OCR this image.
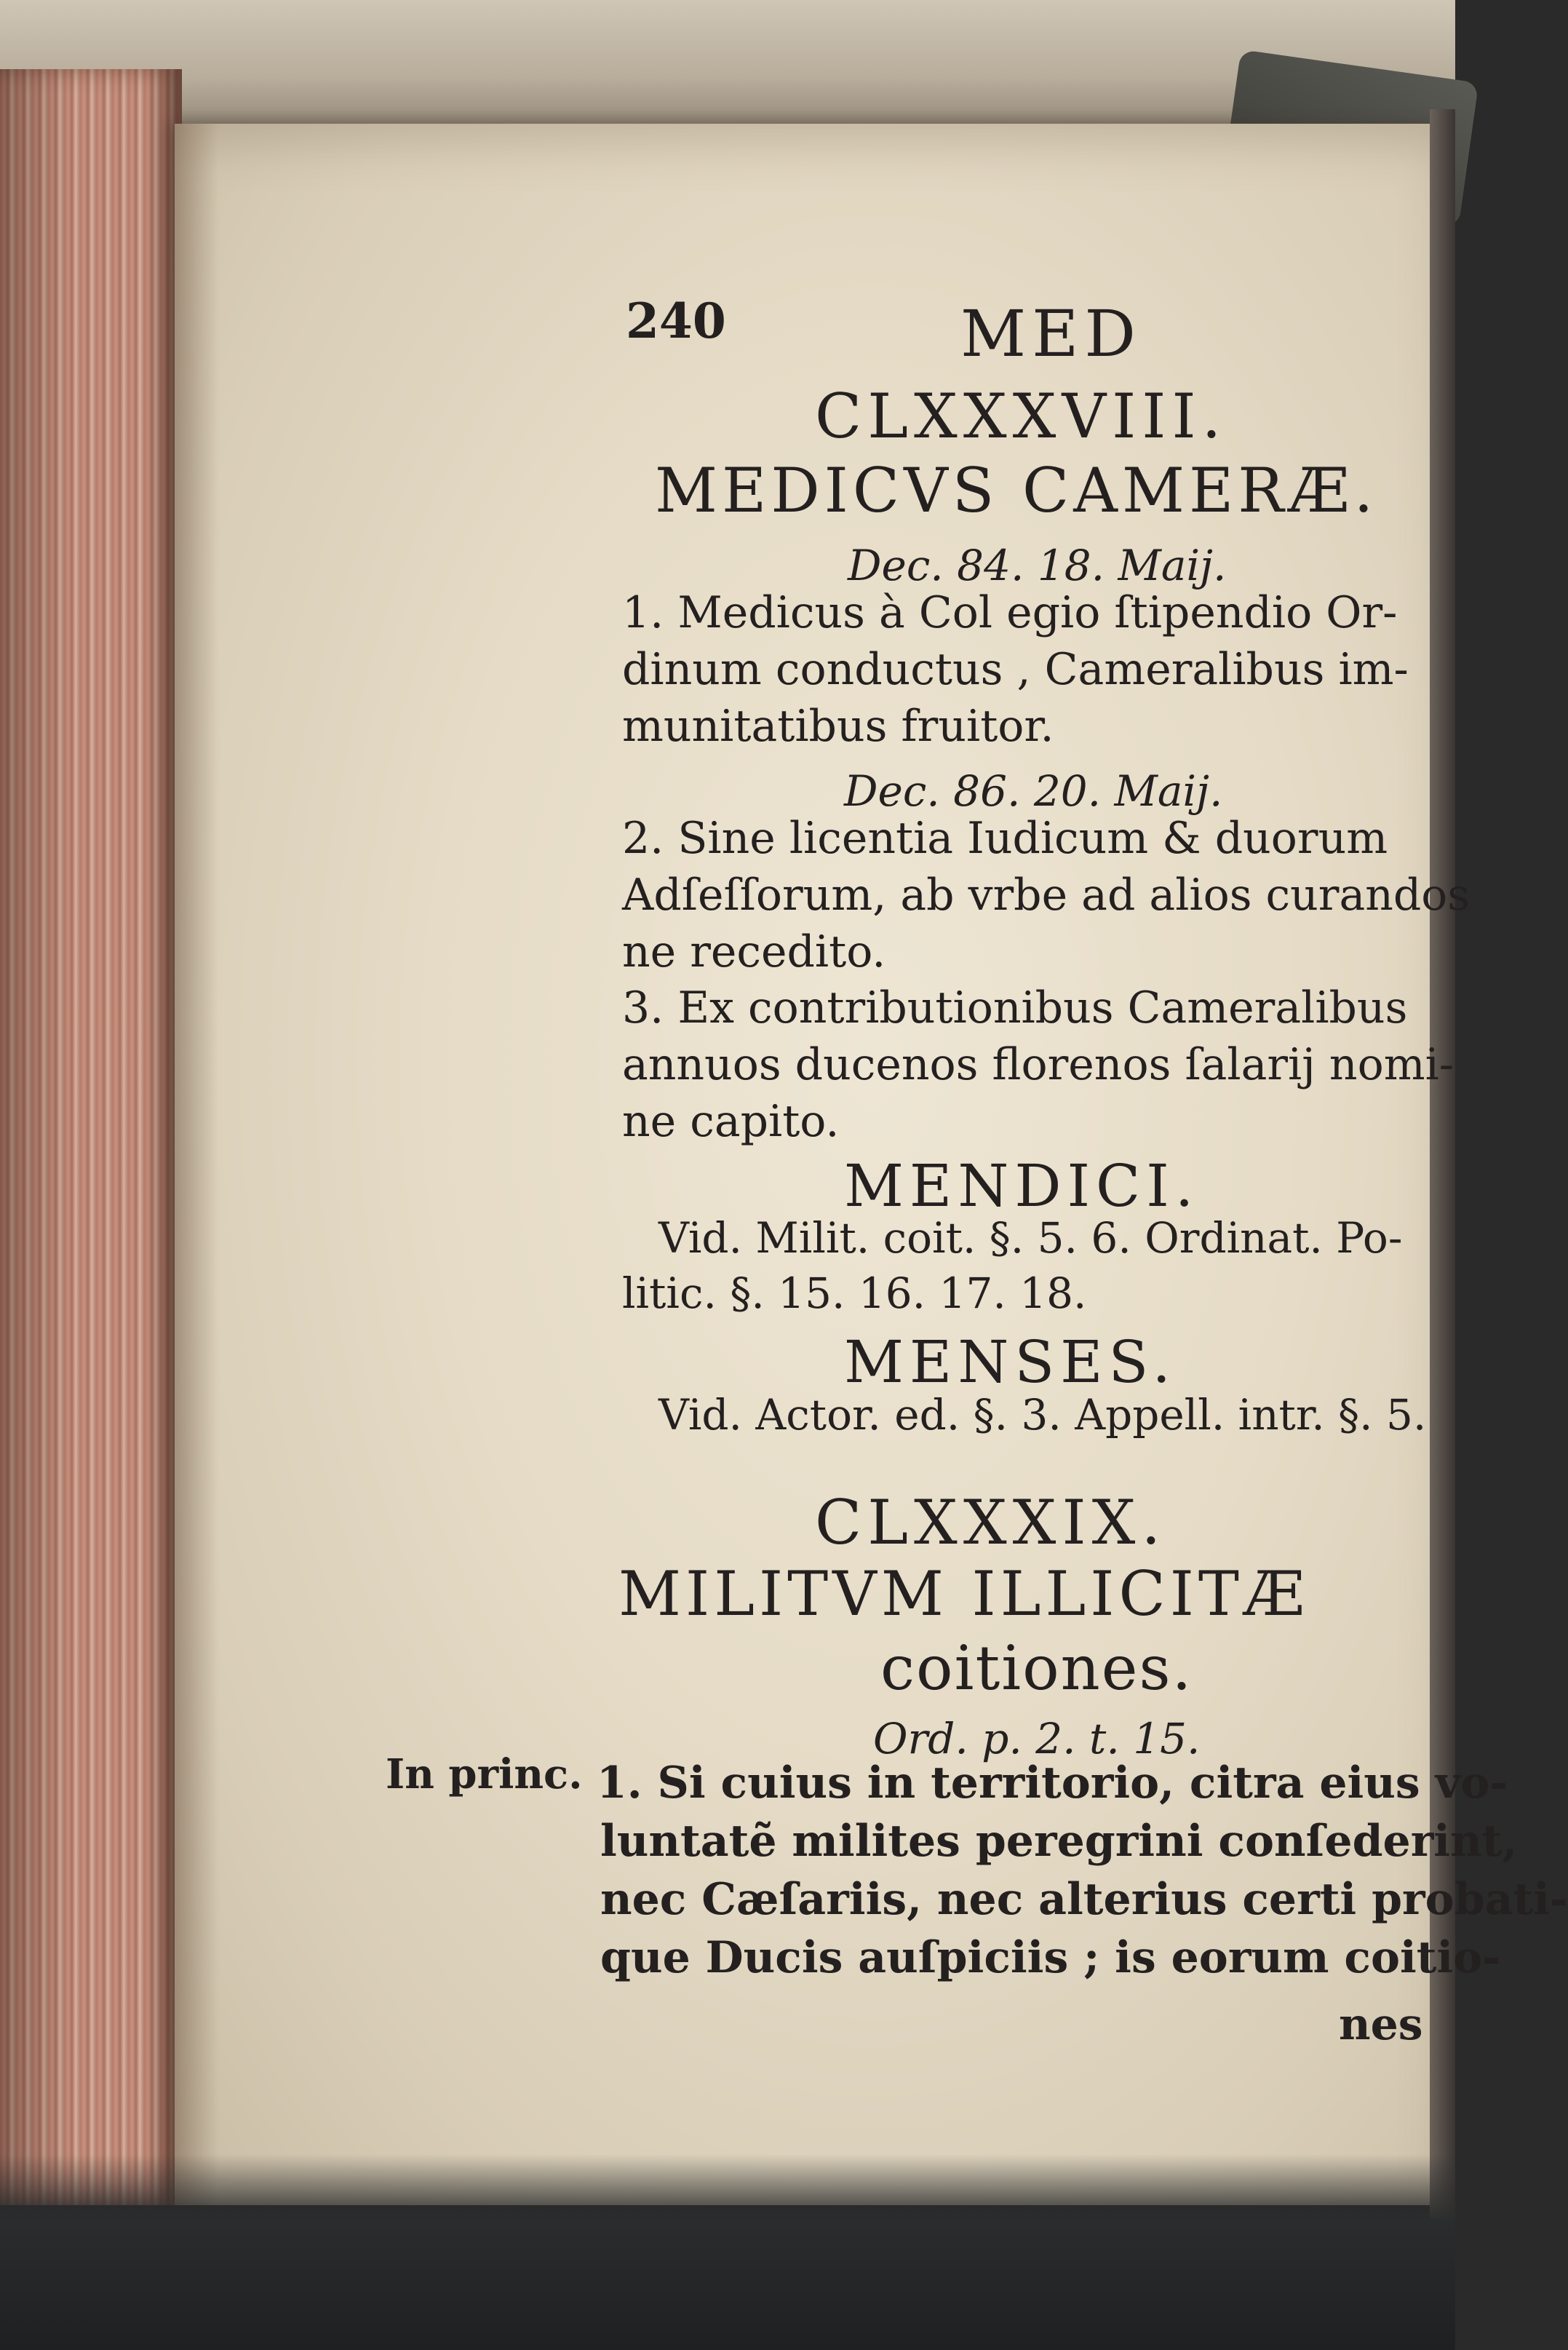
240	MED
CLXXXVIII.
MEDICVS CAMERÆ.
Dec. 84. 18. Maij.
1. Medicus à Col egio ſtipendio Or-
dinum conductus , Cameralibus im-
munitatibus fruitor.
Dec. 86. 20. Maij.
2. Sine licentia Iudicum & duorum
Adſeſſorum, ab vrbe ad alios curandos
ne recedito.
3. Ex contributionibus Cameralibus
annuos ducenos florenos ſalarij nomi-
ne capito.
MENDICI.
Vid. Milit. coit. §. 5. 6. Ordinat. Po-
litic. §. 15. 16. 17. 18.
MENSES.
Vid. Actor. ed. §. 3. Appell. intr. §. 5.
CLXXXIX.
MILITVM ILLICITÆ
coitiones.
Ord. p. 2. t. 15.
In princ. 1. Si cuius in territorio, citra eius vo-
luntatẽ milites peregrini conſederint,
nec Cæſariis, nec alterius certi probati-
que Ducis auſpiciis ; is eorum coitio-
nes
